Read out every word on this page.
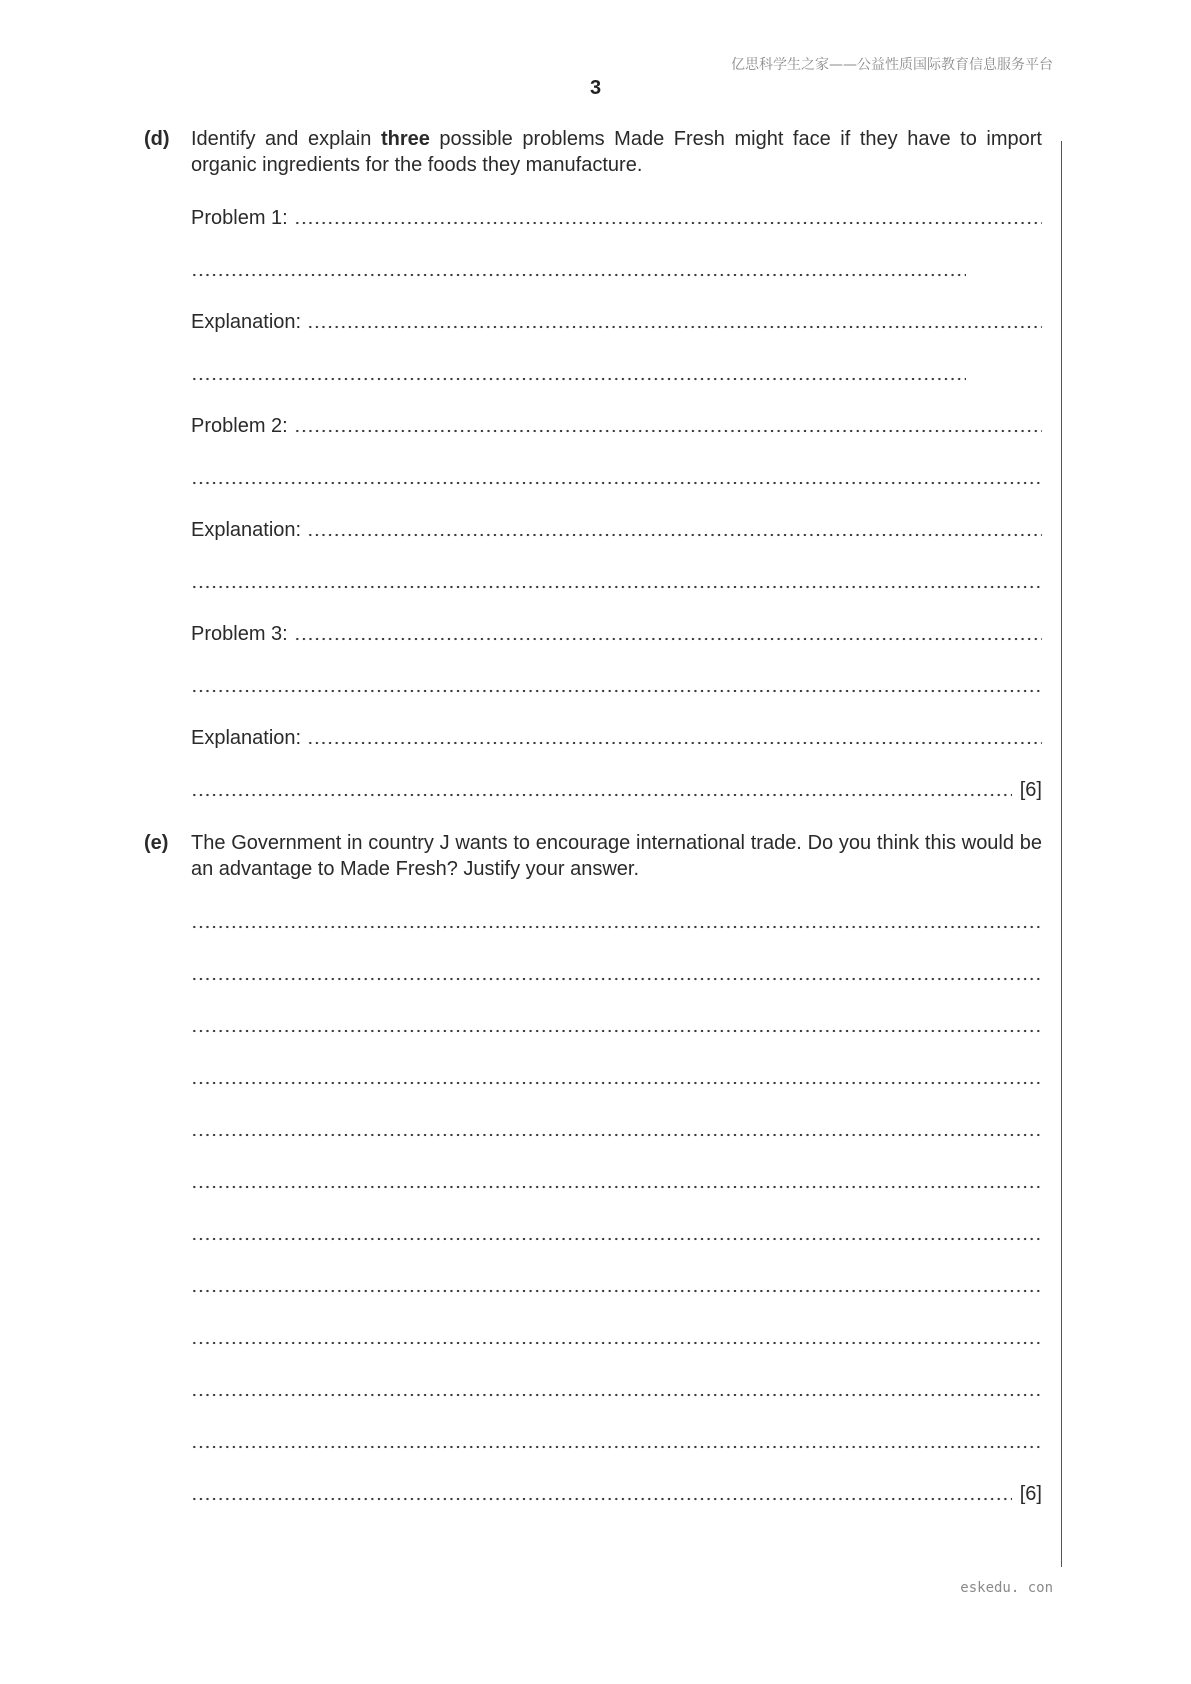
亿思科学生之家——公益性质国际教育信息服务平台
3
(d) Identify and explain three possible problems Made Fresh might face if they have to import organic ingredients for the foods they manufacture.
Problem 1:
Explanation:
Problem 2:
Explanation:
Problem 3:
Explanation:
[6]
(e) The Government in country J wants to encourage international trade. Do you think this would be an advantage to Made Fresh? Justify your answer.
[6]
eskedu. con
